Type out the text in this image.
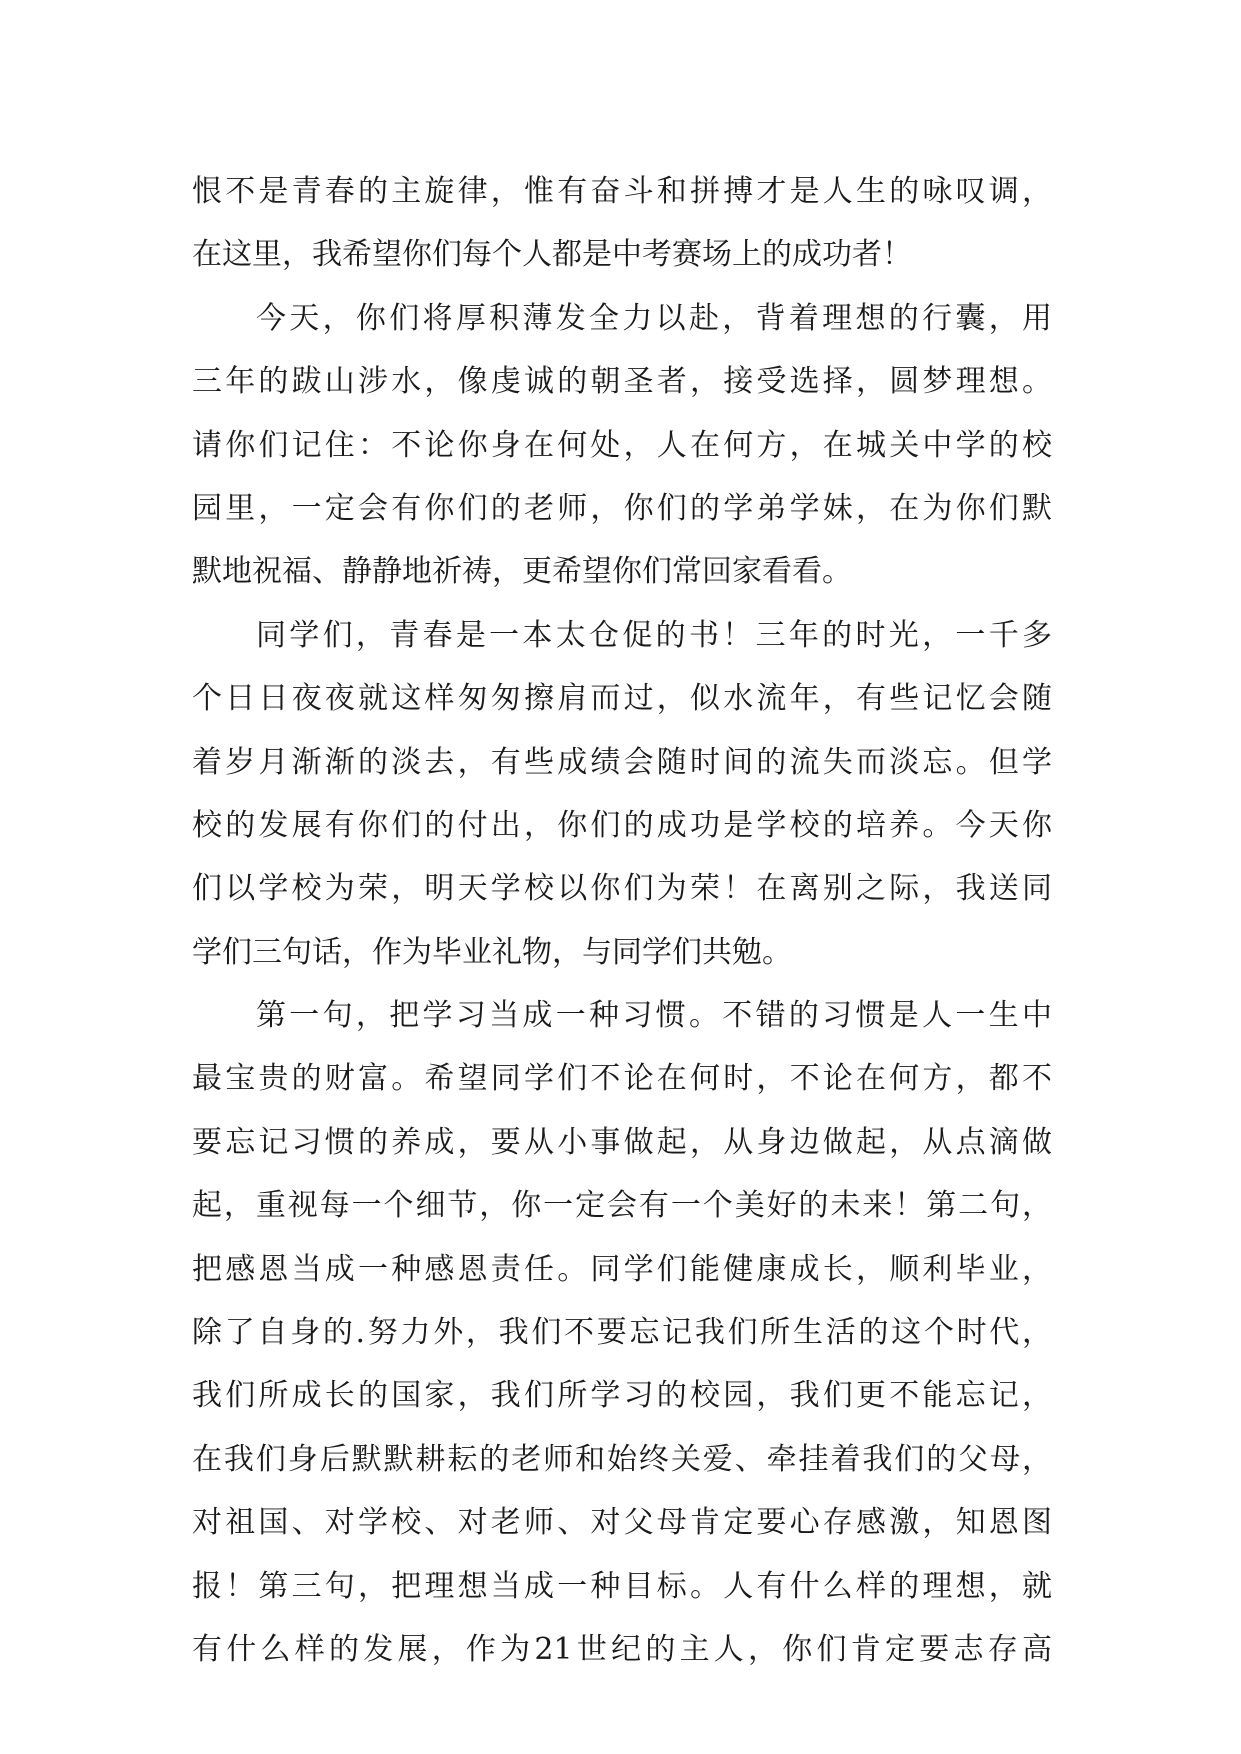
恨不是青春的主旋律，惟有奋斗和拼搏才是人生的咏叹调，
在这里，我希望你们每个人都是中考赛场上的成功者！
今天，你们将厚积薄发全力以赴，背着理想的行囊，用
三年的跋山涉水，像虔诚的朝圣者，接受选择，圆梦理想。
请你们记住：不论你身在何处，人在何方，在城关中学的校
园里，一定会有你们的老师，你们的学弟学妹，在为你们默
默地祝福、静静地祈祷，更希望你们常回家看看。
同学们，青春是一本太仓促的书！三年的时光，一千多
个日日夜夜就这样匆匆擦肩而过，似水流年，有些记忆会随
着岁月渐渐的淡去，有些成绩会随时间的流失而淡忘。但学
校的发展有你们的付出，你们的成功是学校的培养。今天你
们以学校为荣，明天学校以你们为荣！在离别之际，我送同
学们三句话，作为毕业礼物，与同学们共勉。
第一句，把学习当成一种习惯。不错的习惯是人一生中
最宝贵的财富。希望同学们不论在何时，不论在何方，都不
要忘记习惯的养成，要从小事做起，从身边做起，从点滴做
起，重视每一个细节，你一定会有一个美好的未来！第二句，
把感恩当成一种感恩责任。同学们能健康成长，顺利毕业，
除了自身的.努力外，我们不要忘记我们所生活的这个时代，
我们所成长的国家，我们所学习的校园，我们更不能忘记，
在我们身后默默耕耘的老师和始终关爱、牵挂着我们的父母，
对祖国、对学校、对老师、对父母肯定要心存感激，知恩图
报！第三句，把理想当成一种目标。人有什么样的理想，就
有什么样的发展，作为21世纪的主人，你们肯定要志存高
